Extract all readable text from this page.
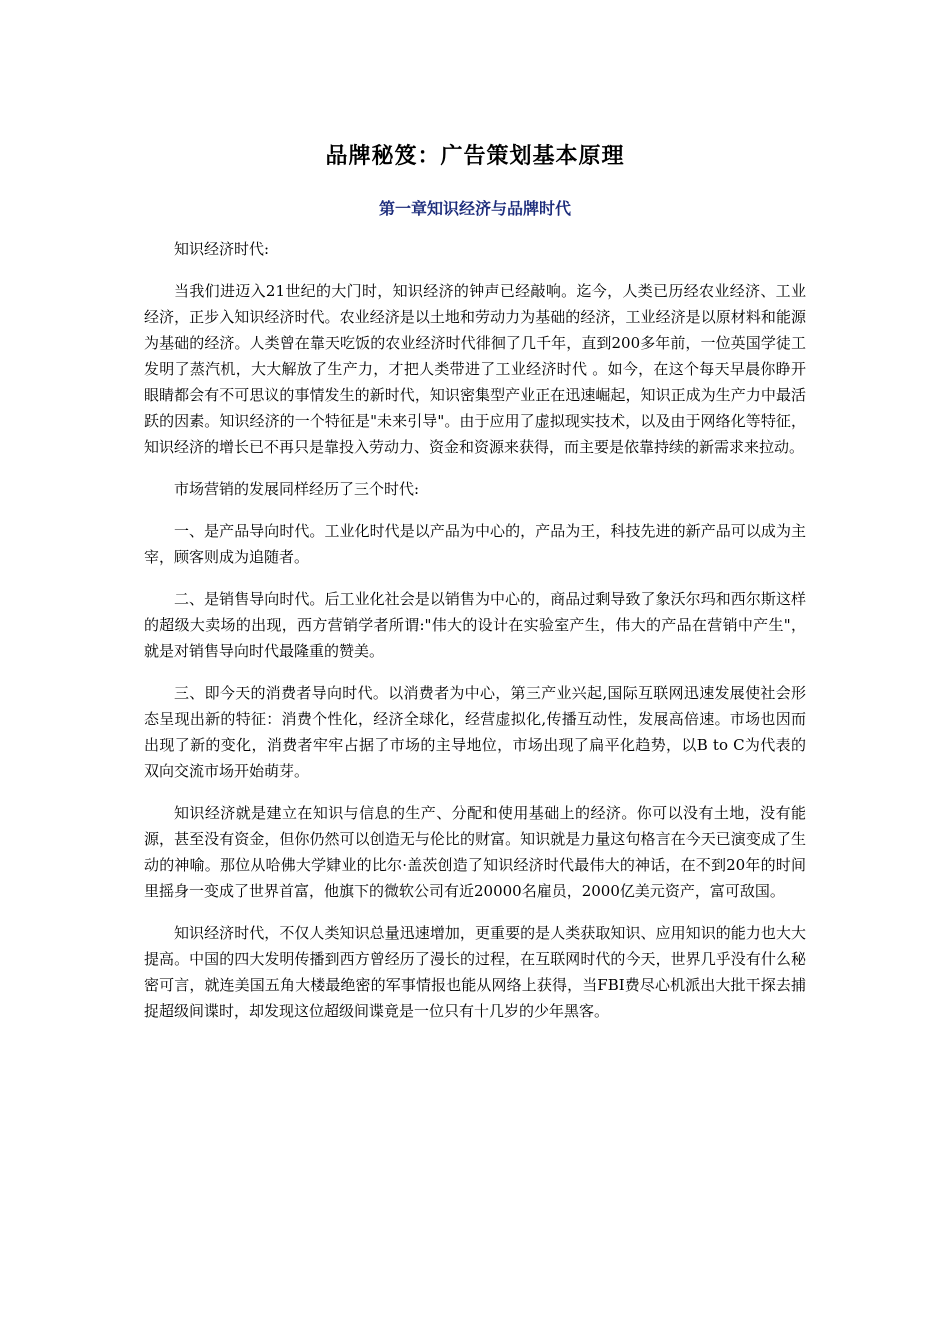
品牌秘笈：广告策划基本原理
第一章知识经济与品牌时代

知识经济时代:

当我们进迈入21世纪的大门时，知识经济的钟声已经敲响。迄今，人类已历经农业经济、工业经济，正步入知识经济时代。农业经济是以土地和劳动力为基础的经济，工业经济是以原材料和能源为基础的经济。人类曾在靠天吃饭的农业经济时代徘徊了几千年，直到200多年前，一位英国学徒工发明了蒸汽机，大大解放了生产力，才把人类带进了工业经济时代 。如今，在这个每天早晨你睁开眼睛都会有不可思议的事情发生的新时代，知识密集型产业正在迅速崛起，知识正成为生产力中最活跃的因素。知识经济的一个特征是"未来引导"。由于应用了虚拟现实技术，以及由于网络化等特征，知识经济的增长已不再只是靠投入劳动力、资金和资源来获得，而主要是依靠持续的新需求来拉动。

市场营销的发展同样经历了三个时代:

一、是产品导向时代。工业化时代是以产品为中心的，产品为王，科技先进的新产品可以成为主宰，顾客则成为追随者。

二、是销售导向时代。后工业化社会是以销售为中心的，商品过剩导致了象沃尔玛和西尔斯这样的超级大卖场的出现，西方营销学者所谓:"伟大的设计在实验室产生，伟大的产品在营销中产生"，就是对销售导向时代最隆重的赞美。

三、即今天的消费者导向时代。以消费者为中心，第三产业兴起,国际互联网迅速发展使社会形态呈现出新的特征：消费个性化，经济全球化，经营虚拟化,传播互动性，发展高倍速。市场也因而出现了新的变化，消费者牢牢占据了市场的主导地位，市场出现了扁平化趋势，以B to C为代表的双向交流市场开始萌芽。

知识经济就是建立在知识与信息的生产、分配和使用基础上的经济。你可以没有土地，没有能源，甚至没有资金，但你仍然可以创造无与伦比的财富。知识就是力量这句格言在今天已演变成了生动的神喻。那位从哈佛大学肄业的比尔·盖茨创造了知识经济时代最伟大的神话，在不到20年的时间里摇身一变成了世界首富，他旗下的微软公司有近20000名雇员，2000亿美元资产，富可敌国。

知识经济时代，不仅人类知识总量迅速增加，更重要的是人类获取知识、应用知识的能力也大大提高。中国的四大发明传播到西方曾经历了漫长的过程，在互联网时代的今天，世界几乎没有什么秘密可言，就连美国五角大楼最绝密的军事情报也能从网络上获得，当FBI费尽心机派出大批干探去捕捉超级间谍时，却发现这位超级间谍竟是一位只有十几岁的少年黑客。
